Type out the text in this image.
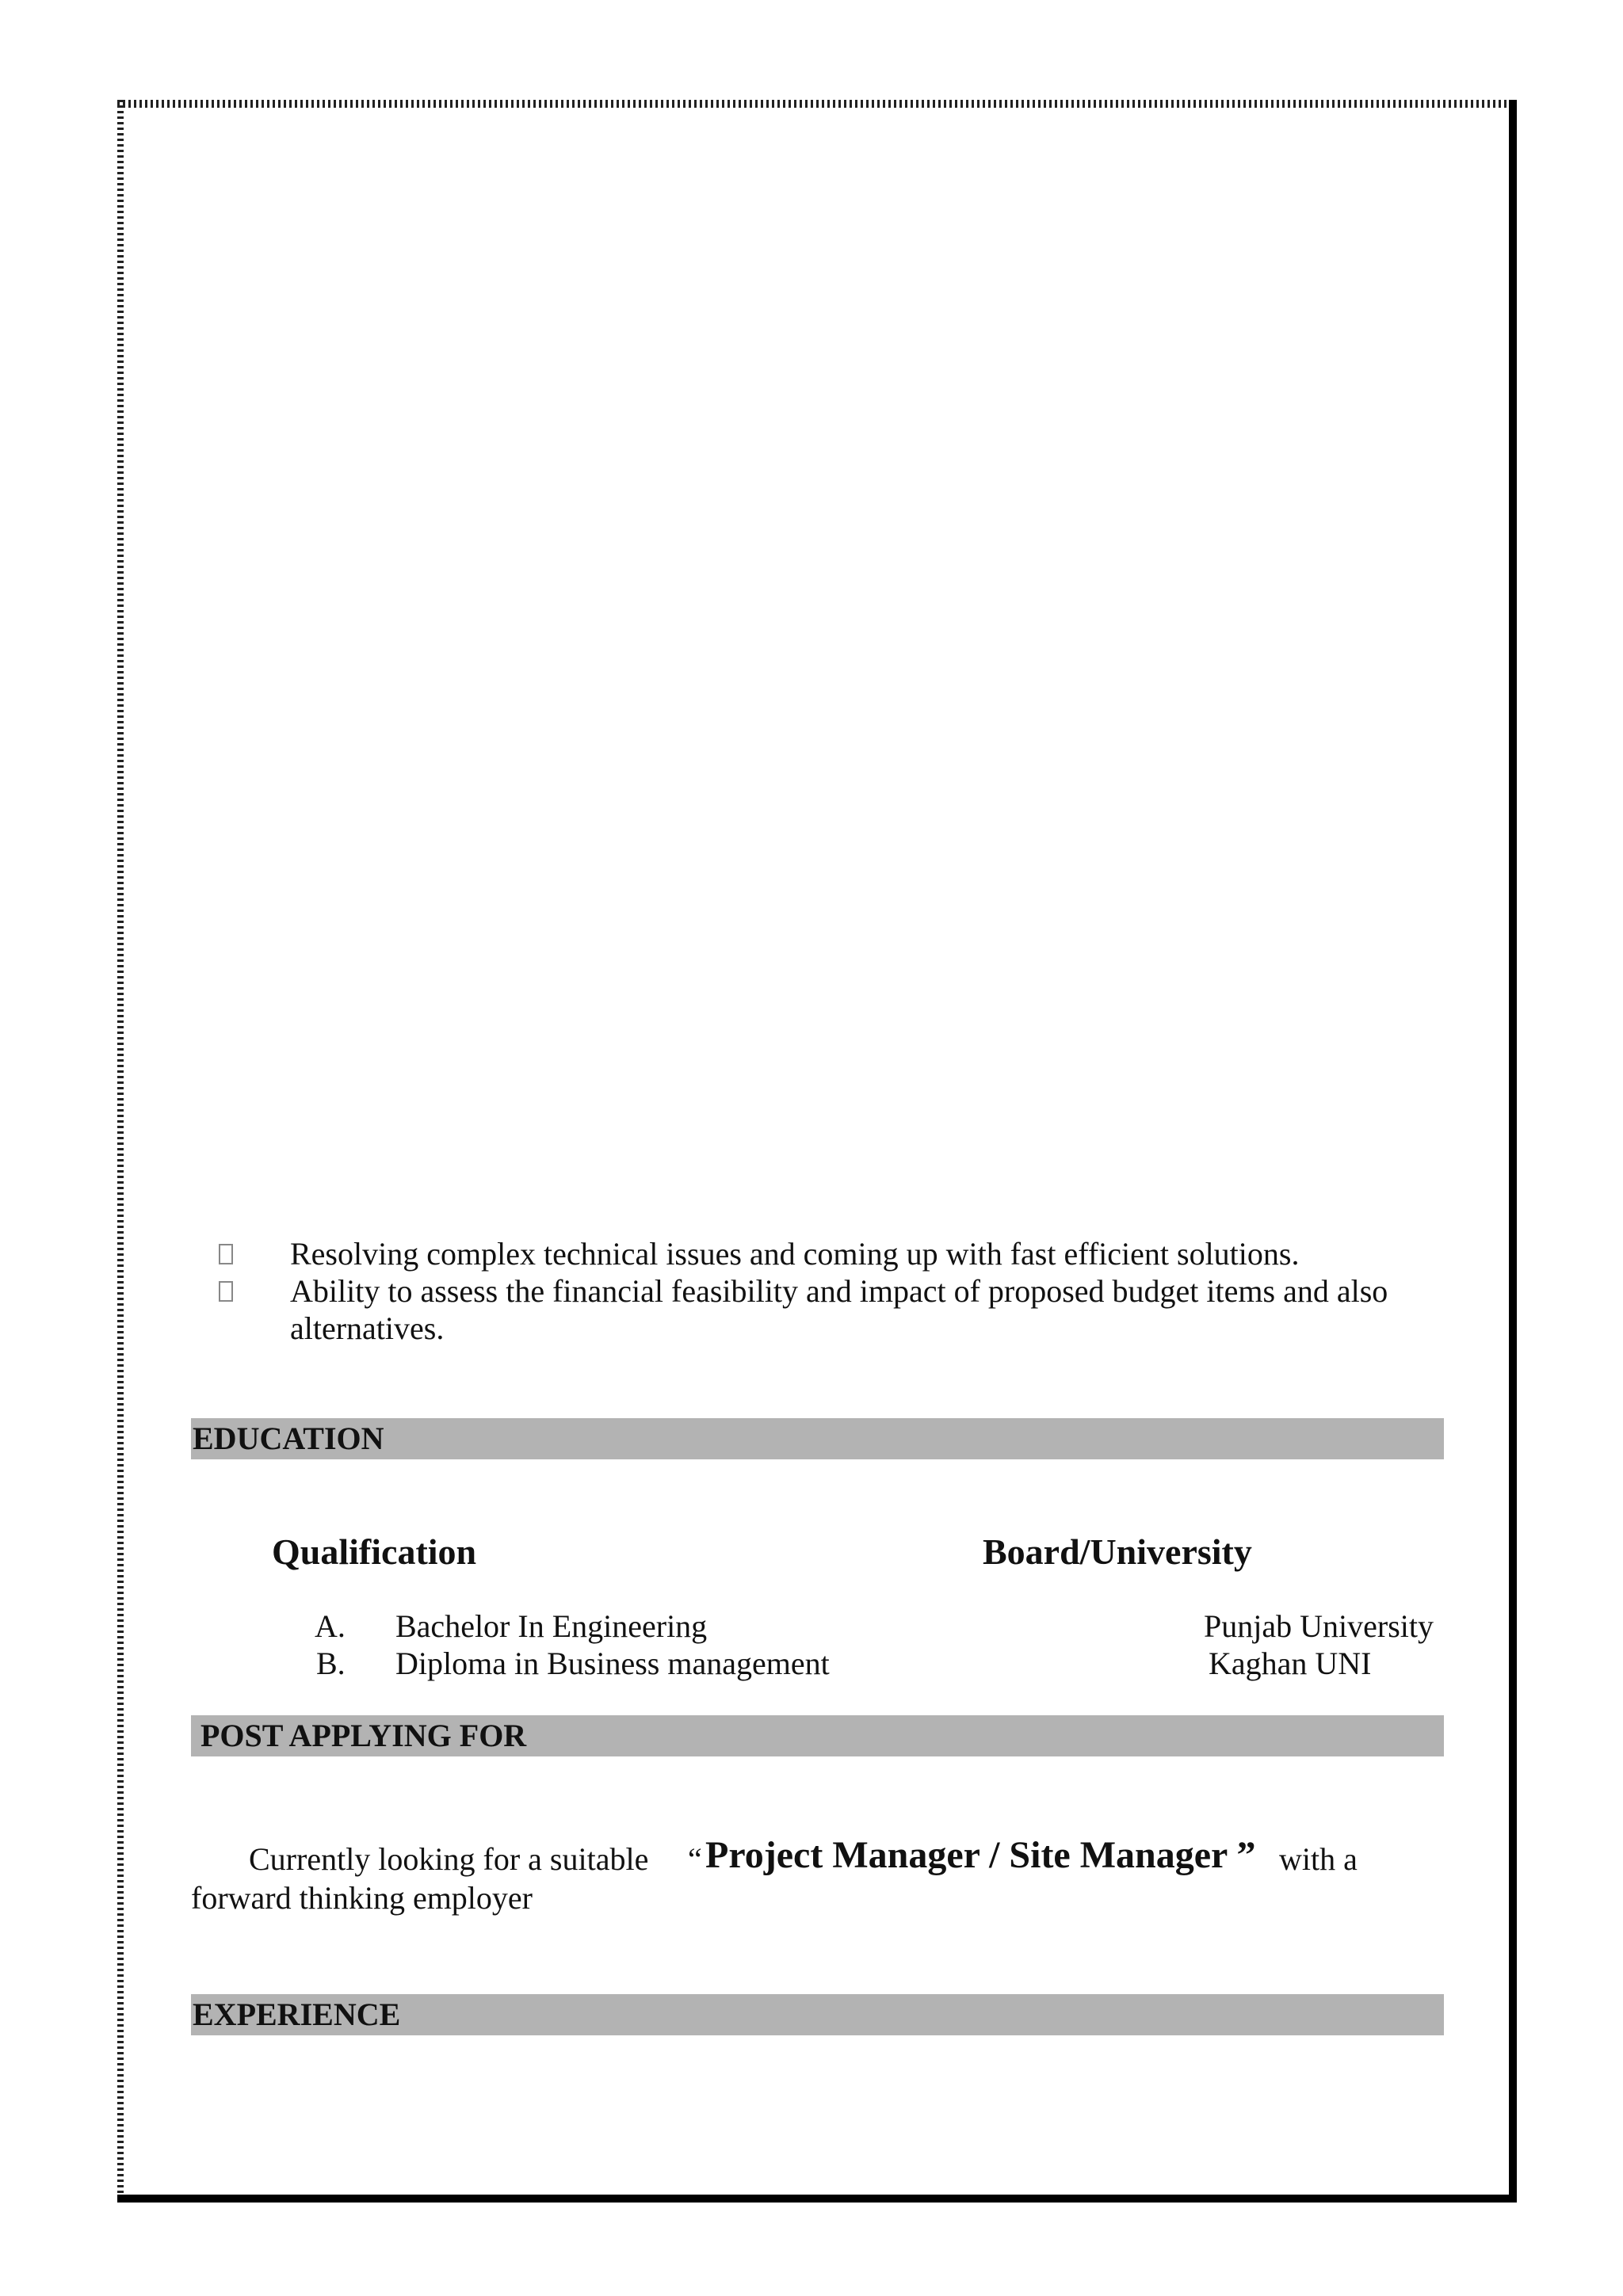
Resolving complex technical issues and coming up with fast efficient solutions.
Ability to assess the financial feasibility and impact of proposed budget items and also
alternatives.
EDUCATION
Qualification	Board/University
A. Bachelor In Engineering	Punjab University
B. Diploma in Business management	Kaghan UNI
POST APPLYING FOR
Currently looking for a suitable “ Project Manager / Site Manager ” with a
forward thinking employer
EXPERIENCE
